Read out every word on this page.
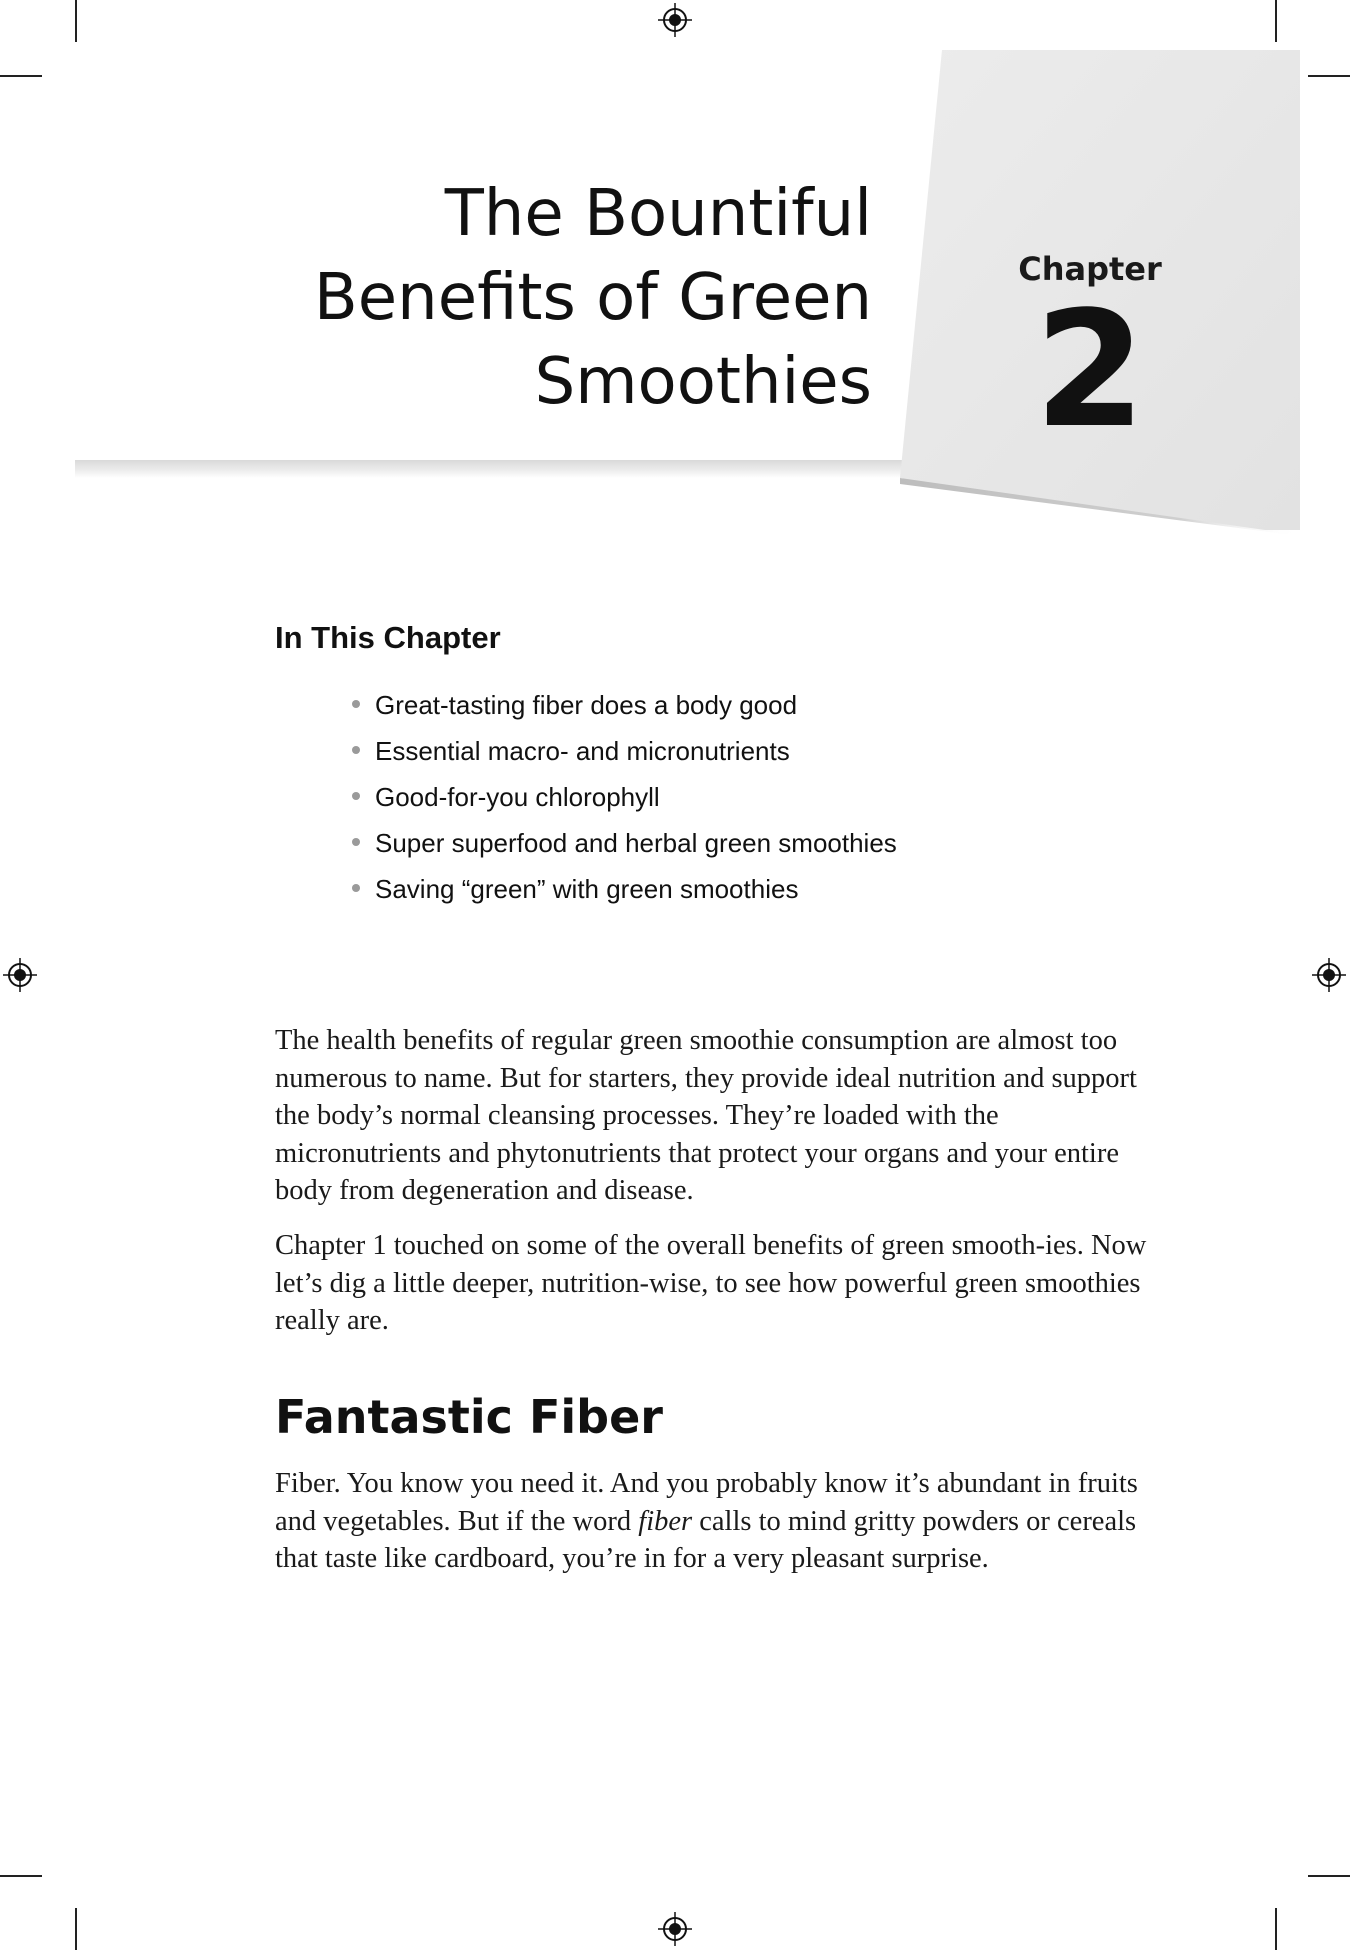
Chapter
2
The Bountiful
Benefits of Green
Smoothies
In This Chapter
Great-tasting fiber does a body good
Essential macro- and micronutrients
Good-for-you chlorophyll
Super superfood and herbal green smoothies
Saving “green” with green smoothies

The health benefits of regular green smoothie consumption are almost too numerous to name. But for starters, they provide ideal nutrition and support the body’s normal cleansing processes. They’re loaded with the micronutrients and phytonutrients that protect your organs and your entire body from degeneration and disease.

Chapter 1 touched on some of the overall benefits of green smooth-ies. Now let’s dig a little deeper, nutrition-wise, to see how powerful green smoothies really are.

Fantastic Fiber

Fiber. You know you need it. And you probably know it’s abundant in fruits and vegetables. But if the word fiber calls to mind gritty powders or cereals that taste like cardboard, you’re in for a very pleasant surprise.
